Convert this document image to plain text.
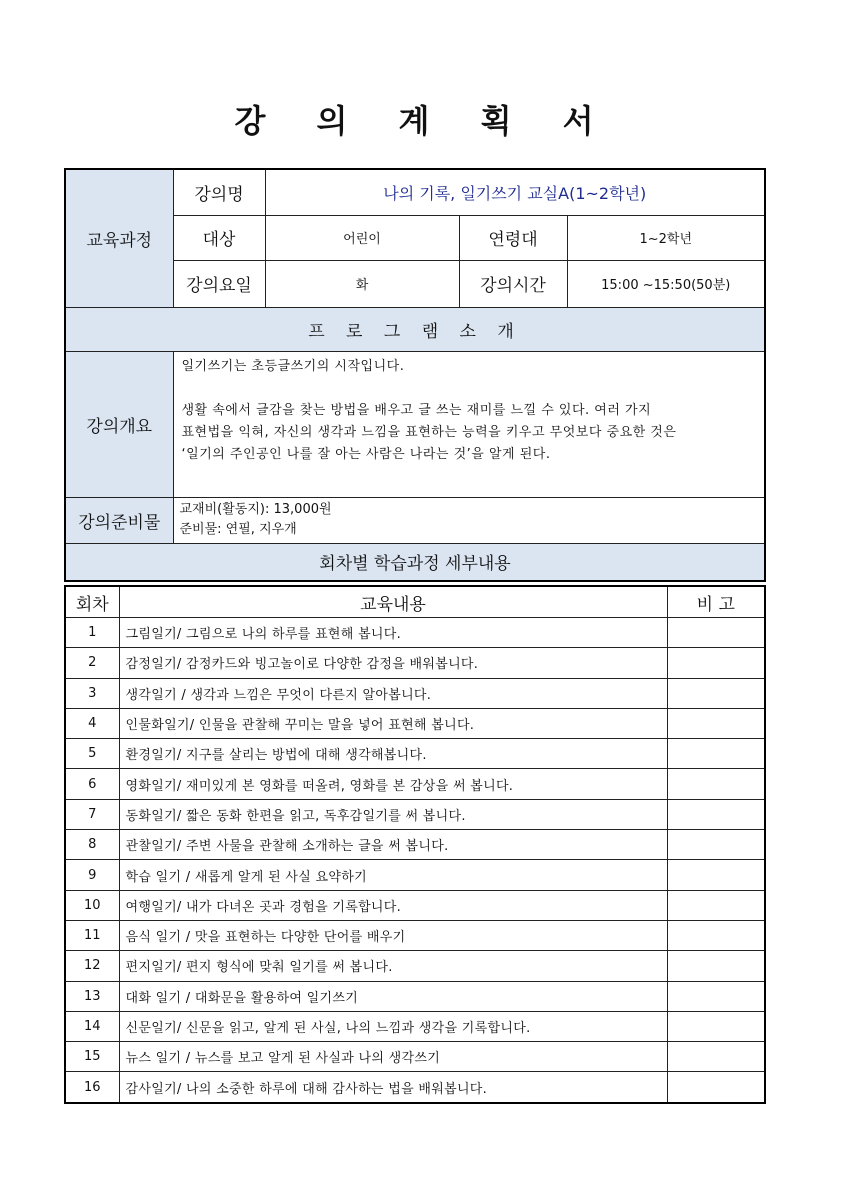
강 의 계 획 서
교육과정	강의명	나의 기록, 일기쓰기 교실A(1~2학년)		
	대상	어린이	연령대	1~2학년
	강의요일	화	강의시간	15:00 ~15:50(50분)
프 로 그 램 소 개				
강의개요	일기쓰기는 초등글쓰기의 시작입니다.
생활 속에서 글감을 찾는 방법을 배우고 글 쓰는 재미를 느낄 수 있다. 여러 가지
표현법을 익혀, 자신의 생각과 느낌을 표현하는 능력을 키우고 무엇보다 중요한 것은
‘일기의 주인공인 나를 잘 아는 사람은 나라는 것’을 알게 된다.			

강의준비물	교재비(활동지): 13,000원
준비물: 연필, 지우개			

회차별 학습과정 세부내용				
회차	교육내용	비 고
1	그림일기/ 그림으로 나의 하루를 표현해 봅니다.	
2	감정일기/ 감정카드와 빙고놀이로 다양한 감정을 배워봅니다.	
3	생각일기 / 생각과 느낌은 무엇이 다른지 알아봅니다.	
4	인물화일기/ 인물을 관찰해 꾸미는 말을 넣어 표현해 봅니다.	
5	환경일기/ 지구를 살리는 방법에 대해 생각해봅니다.	
6	영화일기/ 재미있게 본 영화를 떠올려, 영화를 본 감상을 써 봅니다.	
7	동화일기/ 짧은 동화 한편을 읽고, 독후감일기를 써 봅니다.	
8	관찰일기/ 주변 사물을 관찰해 소개하는 글을 써 봅니다.	
9	학습 일기 / 새롭게 알게 된 사실 요약하기	
10	여행일기/ 내가 다녀온 곳과 경험을 기록합니다.	
11	음식 일기 / 맛을 표현하는 다양한 단어를 배우기	
12	편지일기/ 편지 형식에 맞춰 일기를 써 봅니다.	
13	대화 일기 / 대화문을 활용하여 일기쓰기	
14	신문일기/ 신문을 읽고, 알게 된 사실, 나의 느낌과 생각을 기록합니다.	
15	뉴스 일기 / 뉴스를 보고 알게 된 사실과 나의 생각쓰기	
16	감사일기/ 나의 소중한 하루에 대해 감사하는 법을 배워봅니다.	
